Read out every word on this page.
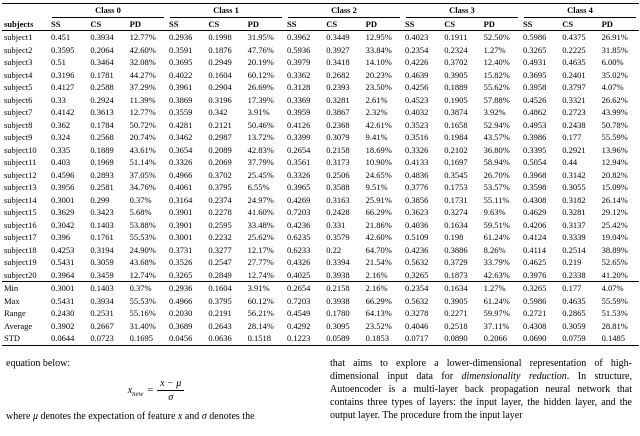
	Class 0			Class 1			Class 2			Class 3			Class 4		

subjects	SS	CS	PD	SS	CS	PD	SS	CS	PD	SS	CS	PD	SS	CS	PD
subject1	0.451	0.3934	12.77%	0.2936	0.1998	31.95%	0.3962	0.3449	12.95%	0.4023	0.1911	52.50%	0.5986	0.4375	26.91%
subject2	0.3595	0.2064	42.60%	0.3591	0.1876	47.76%	0.5936	0.3927	33.84%	0.2354	0.2324	1.27%	0.3265	0.2225	31.85%
subject3	0.51	0.3464	32.08%	0.3695	0.2949	20.19%	0.3979	0.3418	14.10%	0.4226	0.3702	12.40%	0.4931	0.4635	6.00%
subject4	0.3196	0.1781	44.27%	0.4022	0.1604	60.12%	0.3362	0.2682	20.23%	0.4639	0.3905	15.82%	0.3695	0.2401	35.02%
subject5	0.4127	0.2588	37.29%	0.3961	0.2904	26.69%	0.3128	0.2393	23.50%	0.4256	0.1889	55.62%	0.3958	0.3797	4.07%
subject6	0.33	0.2924	11.39%	0.3869	0.3196	17.39%	0.3369	0.3281	2.61%	0.4523	0.1905	57.88%	0.4526	0.3321	26.62%
subject7	0.4142	0.3613	12.77%	0.3559	0.342	3.91%	0.3959	0.3867	2.32%	0.4032	0.3874	3.92%	0.4862	0.2723	43.99%
subject8	0.362	0.1784	50.72%	0.4281	0.2121	50.46%	0.4126	0.2368	42.61%	0.3523	0.1658	52.94%	0.4953	0.2438	50.78%
subject9	0.324	0.2568	20.74%	0.3462	0.2987	13.72%	0.3399	0.3079	9.41%	0.3516	0.1984	43.57%	0.3986	0.177	55.59%
subject10	0.335	0.1889	43.61%	0.3654	0.2089	42.83%	0.2654	0.2158	18.69%	0.3326	0.2102	36.80%	0.3395	0.2921	13.96%
subject11	0.403	0.1969	51.14%	0.3326	0.2069	37.79%	0.3561	0.3173	10.90%	0.4133	0.1697	58.94%	0.5054	0.44	12.94%
subject12	0.4596	0.2893	37.05%	0.4966	0.3702	25.45%	0.3326	0.2506	24.65%	0.4836	0.3545	26.70%	0.3968	0.3142	20.82%
subject13	0.3956	0.2581	34.76%	0.4061	0.3795	6.55%	0.3965	0.3588	9.51%	0.3776	0.1753	53.57%	0.3598	0.3055	15.09%
subject14	0.3001	0.299	0.37%	0.3164	0.2374	24.97%	0.4269	0.3163	25.91%	0.3856	0.1731	55.11%	0.4308	0.3182	26.14%
subject15	0.3629	0.3423	5.68%	0.3901	0.2278	41.60%	0.7203	0.2428	66.29%	0.3623	0.3274	9.63%	0.4629	0.3281	29.12%
subject16	0.3042	0.1403	53.88%	0.3901	0.2595	33.48%	0.4236	0.331	21.86%	0.4036	0.1634	59.51%	0.4206	0.3137	25.42%
subject17	0.396	0.1761	55.53%	0.3001	0.2232	25.62%	0.6235	0.3579	42.60%	0.5109	0.198	61.24%	0.4124	0.3339	19.04%
subject18	0.4253	0.3194	24.90%	0.3731	0.3277	12.17%	0.6233	0.22	64.70%	0.4236	0.3886	8.26%	0.4114	0.2514	38.89%
subject19	0.5431	0.3059	43.68%	0.3526	0.2547	27.77%	0.4326	0.3394	21.54%	0.5632	0.3729	33.79%	0.4625	0.219	52.65%
subject20	0.3964	0.3459	12.74%	0.3265	0.2849	12.74%	0.4025	0.3938	2.16%	0.3265	0.1873	42.63%	0.3976	0.2338	41.20%
Min	0.3001	0.1403	0.37%	0.2936	0.1604	3.91%	0.2654	0.2158	2.16%	0.2354	0.1634	1.27%	0.3265	0.177	4.07%
Max	0.5431	0.3934	55.53%	0.4966	0.3795	60.12%	0.7203	0.3938	66.29%	0.5632	0.3905	61.24%	0.5986	0.4635	55.59%
Range	0.2430	0.2531	55.16%	0.2030	0.2191	56.21%	0.4549	0.1780	64.13%	0.3278	0.2271	59.97%	0.2721	0.2865	51.53%
Average	0.3902	0.2667	31.40%	0.3689	0.2643	28.14%	0.4292	0.3095	23.52%	0.4046	0.2518	37.11%	0.4308	0.3059	28.81%
STD	0.0644	0.0723	0.1695	0.0456	0.0636	0.1518	0.1223	0.0589	0.1853	0.0717	0.0890	0.2066	0.0690	0.0759	0.1485
equation below:
$x_{new} = \frac{x - \mu}{\sigma}$
where μ denotes the expectation of feature x and σ denotes the

that aims to explore a lower-dimensional representation of high-dimensional input data for dimensionality reduction. In structure, Autoencoder is a multi-layer back propagation neural network that contains three types of layers: the input layer, the hidden layer, and the output layer. The procedure from the input layer
